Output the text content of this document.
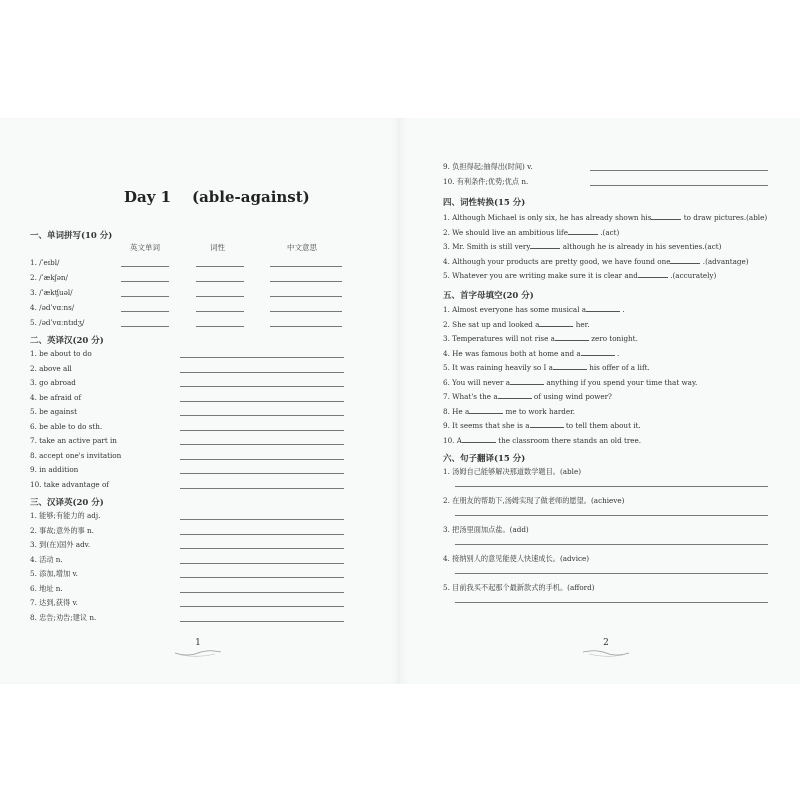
Day 1    (able-against)
一、单词拼写(10 分)
英文单词	词性	中文意思
1. /ˈeɪbl/
2. /ˈækʃən/
3. /ˈækʧuəl/
4. /ədˈvɑːns/
5. /ədˈvɑːntɪdʒ/
二、英译汉(20 分)
1. be about to do
2. above all
3. go abroad
4. be afraid of
5. be against
6. be able to do sth.
7. take an active part in
8. accept one's invitation
9. in addition
10. take advantage of
三、汉译英(20 分)
1. 能够;有能力的 adj.
2. 事故;意外的事 n.
3. 到(在)国外 adv.
4. 活动 n.
5. 添加,增加 v.
6. 地址 n.
7. 达到,获得 v.
8. 忠告;劝告;建议 n.
1
9. 负担得起;抽得出(时间) v.
10. 有利条件;优势;优点 n.
四、词性转换(15 分)
1. Although Michael is only six, he has already shown his	to draw pictures.(able)
2. We should live an ambitious life	.(act)
3. Mr. Smith is still very	although he is already in his seventies.(act)
4. Although your products are pretty good, we have found one	.(advantage)
5. Whatever you are writing make sure it is clear and	.(accurately)
五、首字母填空(20 分)
1. Almost everyone has some musical a	.
2. She sat up and looked a	her.
3. Temperatures will not rise a	zero tonight.
4. He was famous both at home and a	.
5. It was raining heavily so I a	his offer of a lift.
6. You will never a	anything if you spend your time that way.
7. What's the a	of using wind power?
8. He a	me to work harder.
9. It seems that she is a	to tell them about it.
10. A	the classroom there stands an old tree.
六、句子翻译(15 分)
1. 汤姆自己能够解决那道数学题目。(able)
2. 在朋友的帮助下,汤姆实现了做老师的愿望。(achieve)
3. 把汤里面加点盐。(add)
4. 接纳别人的意见能使人快速成长。(advice)
5. 目前我买不起那个最新款式的手机。(afford)
2
